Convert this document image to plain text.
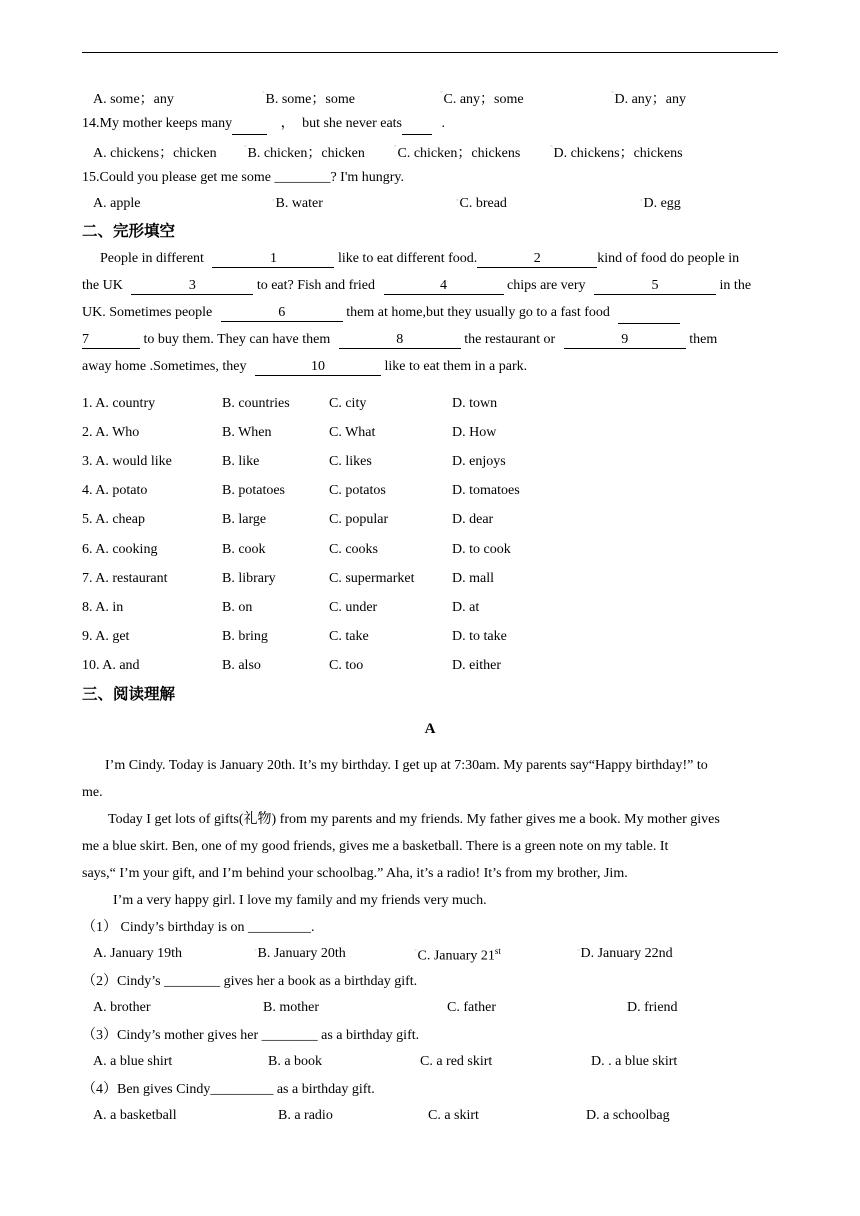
A. some；any	◦B. some；some	◦C. any；some	◦D. any；any
14.My mother keeps many	， but she never eats	.
A. chickens；chicken	◦B. chicken；chicken	◦C. chicken；chickens	◦D. chickens；chickens
15.Could you please get me some ________? I'm hungry.
A. apple	◦B. water	◦C. bread	◦D. egg
二、完形填空
People in different	1	like to eat different food.	2	kind of food do people in
the UK	3	to eat? Fish and fried	4	chips are very	5	in the
UK. Sometimes people	6	them at home,but they usually go to a fast food
7	to buy them. They can have them	8	the restaurant or	9	them
away home .Sometimes, they	10	like to eat them in a park.
1. A. country	B. countries	C. city	D. town
2. A. Who	B. When	C. What	D. How
3. A. would like	B. like	C. likes	D. enjoys
4. A. potato	B. potatoes	C. potatos	D. tomatoes
5. A. cheap	B. large	C. popular	D. dear
6. A. cooking	B. cook	C. cooks	D. to cook
7. A. restaurant	B. library	C. supermarket	D. mall
8. A. in	B. on	C. under	D. at
9. A. get	B. bring	C. take	D. to take
10. A. and	B. also	C. too	D. either
三、阅读理解
A
I’m Cindy. Today is January 20th. It’s my birthday. I get up at 7:30am. My parents say“Happy birthday!” to
me.
Today I get lots of gifts(礼物) from my parents and my friends. My father gives me a book. My mother gives
me a blue skirt. Ben, one of my good friends, gives me a basketball. There is a green note on my table. It
says,“ I’m your gift, and I’m behind your schoolbag.” Aha, it’s a radio! It’s from my brother, Jim.
I’m a very happy girl. I love my family and my friends very much.
（1） Cindy’s birthday is on _________.
A. January 19th	◦B. January 20th	◦C. January 21st	◦D. January 22nd
（2）Cindy’s ________ gives her a book as a birthday gift.
A. brother	B. mother	C. father	D. friend
（3）Cindy’s mother gives her ________ as a birthday gift.
A. a blue shirt	B. a book	C. a red skirt	D. . a blue skirt
（4）Ben gives Cindy_________ as a birthday gift.
A. a basketball	B. a radio	C. a skirt	D. a schoolbag
